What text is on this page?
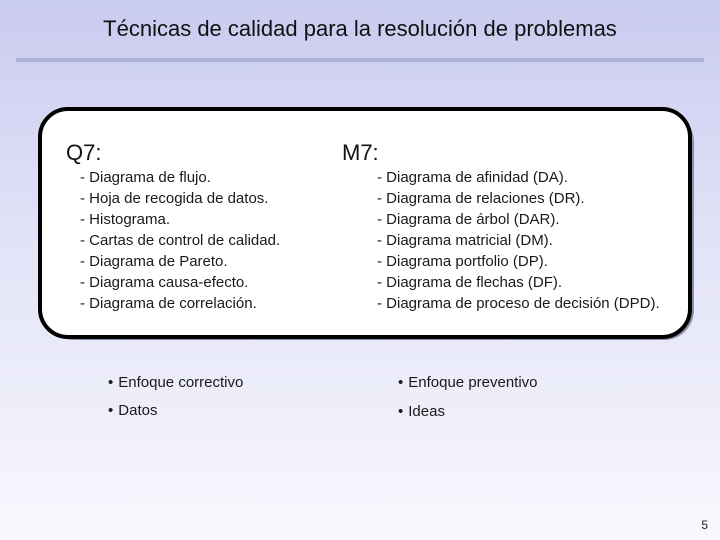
Técnicas de calidad para la resolución de problemas
Q7:
- Diagrama de flujo.
- Hoja de recogida de datos.
- Histograma.
- Cartas de control de calidad.
- Diagrama de Pareto.
- Diagrama causa-efecto.
- Diagrama de correlación.
M7:
- Diagrama de afinidad (DA).
- Diagrama de relaciones (DR).
- Diagrama de árbol (DAR).
- Diagrama matricial (DM).
- Diagrama portfolio (DP).
- Diagrama de flechas (DF).
- Diagrama de proceso de decisión (DPD).
• Enfoque correctivo
• Datos
• Enfoque preventivo
• Ideas
5
